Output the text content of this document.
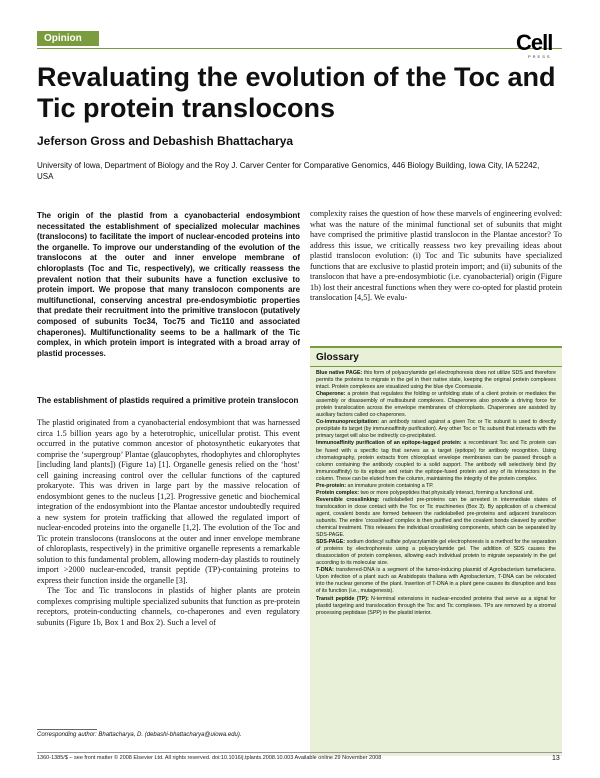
Opinion	Cell
PRESS
Revaluating the evolution of the Toc and Tic protein translocons
Jeferson Gross and Debashish Bhattacharya
University of Iowa, Department of Biology and the Roy J. Carver Center for Comparative Genomics, 446 Biology Building, Iowa City, IA 52242, USA
The origin of the plastid from a cyanobacterial endosymbiont necessitated the establishment of specialized molecular machines (translocons) to facilitate the import of nuclear-encoded proteins into the organelle. To improve our understanding of the evolution of the translocons at the outer and inner envelope membrane of chloroplasts (Toc and Tic, respectively), we critically reassess the prevalent notion that their subunits have a function exclusive to protein import. We propose that many translocon components are multifunctional, conserving ancestral pre-endosymbiotic properties that predate their recruitment into the primitive translocon (putatively composed of subunits Toc34, Toc75 and Tic110 and associated chaperones). Multifunctionality seems to be a hallmark of the Tic complex, in which protein import is integrated with a broad array of plastid processes.
The establishment of plastids required a primitive protein translocon

The plastid originated from a cyanobacterial endosymbiont that was harnessed circa 1.5 billion years ago by a heterotrophic, unicellular protist. This event occurred in the putative common ancestor of photosynthetic eukaryotes that comprise the ‘supergroup’ Plantae (glaucophytes, rhodophytes and chlorophytes [including land plants]) (Figure 1a) [1]. Organelle genesis relied on the ‘host’ cell gaining increasing control over the cellular functions of the captured prokaryote. This was driven in large part by the massive relocation of endosymbiont genes to the nucleus [1,2]. Progressive genetic and biochemical integration of the endosymbiont into the Plantae ancestor undoubtedly required a new system for protein trafficking that allowed the regulated import of nuclear-encoded proteins into the organelle [1,2]. The evolution of the Toc and Tic protein translocons (translocons at the outer and inner envelope membrane of chloroplasts, respectively) in the primitive organelle represents a remarkable solution to this fundamental problem, allowing modern-day plastids to routinely import >2000 nuclear-encoded, transit peptide (TP)-containing proteins to express their function inside the organelle [3].

The Toc and Tic translocons in plastids of higher plants are protein complexes comprising multiple specialized subunits that function as pre-protein receptors, protein-conducting channels, co-chaperones and even regulatory subunits (Figure 1b, Box 1 and Box 2). Such a level of

complexity raises the question of how these marvels of engineering evolved: what was the nature of the minimal functional set of subunits that might have comprised the primitive plastid translocon in the Plantae ancestor? To address this issue, we critically reassess two key prevailing ideas about plastid translocon evolution: (i) Toc and Tic subunits have specialized functions that are exclusive to plastid protein import; and (ii) subunits of the translocon that have a pre-endosymbiotic (i.e. cyanobacterial) origin (Figure 1b) lost their ancestral functions when they were co-opted for plastid protein translocation [4,5]. We evalu-
Glossary
Blue native PAGE: this form of polyacrylamide gel electrophoresis does not utilize SDS and therefore permits the proteins to migrate in the gel in their native state, keeping the original protein complexes intact. Protein complexes are visualized using the blue dye Coomassie.
Chaperone: a protein that regulates the folding or unfolding state of a client protein or mediates the assembly or disassembly of multisubunit complexes. Chaperones also provide a driving force for protein translocation across the envelope membranes of chloroplasts. Chaperones are assisted by auxiliary factors called co-chaperones.
Co-immunoprecipitation: an antibody raised against a given Toc or Tic subunit is used to directly precipitate its target (by immunoaffinity purification). Any other Toc or Tic subunit that interacts with the primary target will also be indirectly co-precipitated.
Immunoaffinity purification of an epitope-tagged protein: a recombinant Toc and Tic protein can be fused with a specific tag that serves as a target (epitope) for antibody recognition. Using chromatography, protein extracts from chloroplast envelope membranes can be passed through a column containing the antibody coupled to a solid support. The antibody will selectively bind (by immunoaffinity) to its epitope and retain the epitope-fused protein and any of its interactors in the column. These can be eluted from the column, maintaining the integrity of the protein complex.
Pre-protein: an immature protein containing a TP.
Protein complex: two or more polypeptides that physically interact, forming a functional unit.
Reversible crosslinking: radiolabelled pre-proteins can be arrested in intermediate states of translocation in close contact with the Toc or Tic machineries (Box 3). By application of a chemical agent, covalent bonds are formed between the radiolabelled pre-proteins and adjacent translocon subunits. The entire ‘crosslinked’ complex is then purified and the covalent bonds cleaved by another chemical treatment. This releases the individual crosslinking components, which can be separated by SDS-PAGE.
SDS-PAGE: sodium dodecyl sulfate polyacrylamide gel electrophoresis is a method for the separation of proteins by electrophoresis using a polyacrylamide gel. The addition of SDS causes the disassociation of protein complexes, allowing each individual protein to migrate separately in the gel according to its molecular size.
T-DNA: transferred-DNA is a segment of the tumor-inducing plasmid of Agrobacterium tumefaciens. Upon infection of a plant such as Arabidopsis thaliana with Agrobacterium, T-DNA can be relocated into the nuclear genome of the plant. Insertion of T-DNA in a plant gene causes its disruption and loss of its function (i.e., mutagenesis).
Transit peptide (TP): N-terminal extensions in nuclear-encoded proteins that serve as a signal for plastid targeting and translocation through the Toc and Tic complexes. TPs are removed by a stromal processing peptidase (SPP) in the plastid interior.
Corresponding author: Bhattacharya, D. (debashi-bhattacharya@uiowa.edu).
1360-1385/$ – see front matter © 2008 Elsevier Ltd. All rights reserved. doi:10.1016/j.tplants.2008.10.003 Available online 29 November 2008	13
